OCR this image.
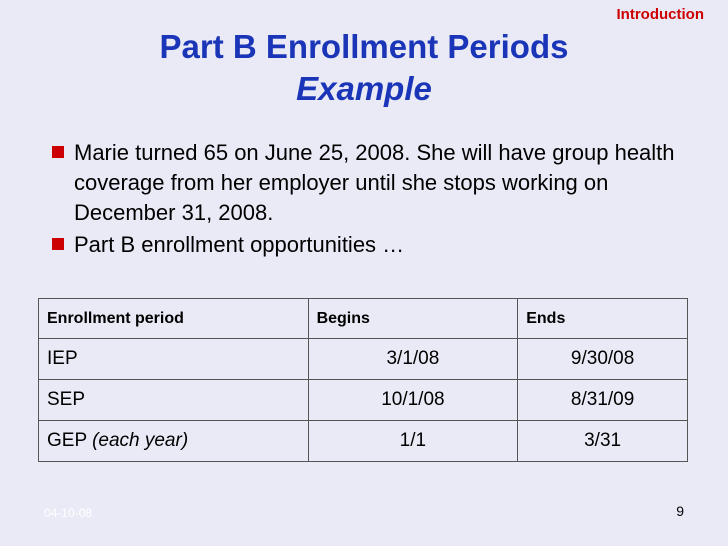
Introduction
Part B Enrollment Periods
Example
Marie turned 65 on June 25, 2008. She will have group health coverage from her employer until she stops working on December 31, 2008.
Part B enrollment opportunities …
Enrollment period	Begins	Ends
IEP	3/1/08	9/30/08
SEP	10/1/08	8/31/09
GEP (each year)	1/1	3/31
04-10-08	9
